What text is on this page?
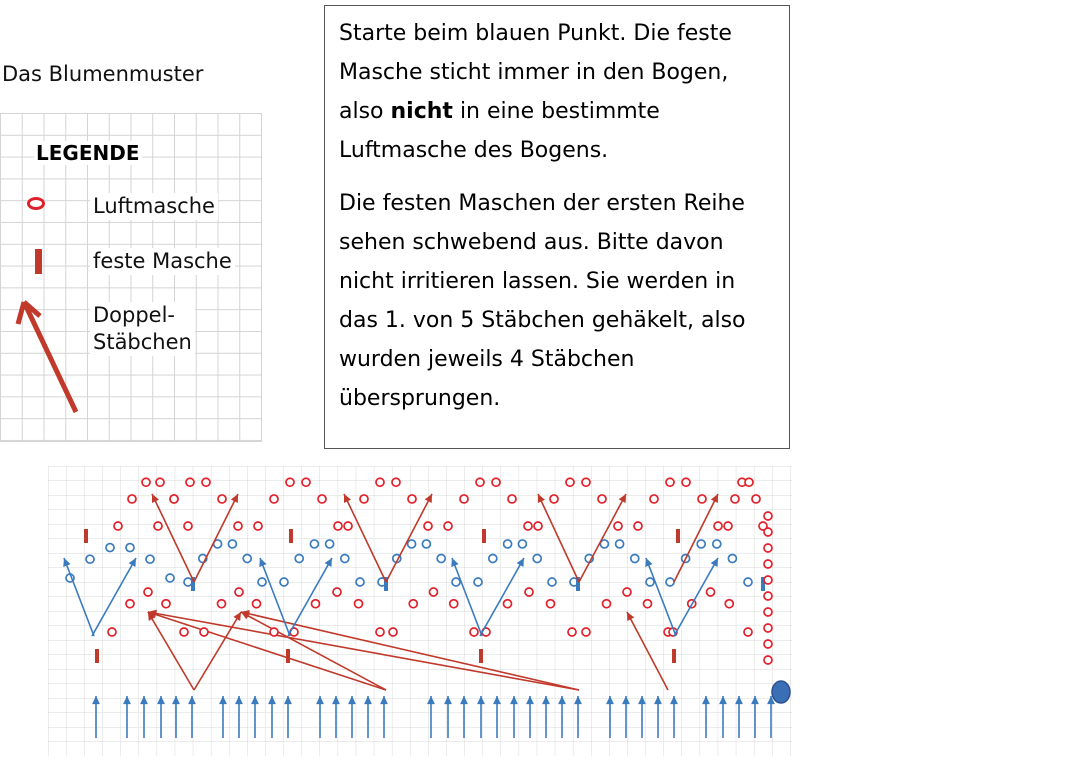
Das Blumenmuster
LEGENDE
Luftmasche
feste Masche
Doppel-
Stäbchen

Starte beim blauen Punkt. Die feste Masche sticht immer in den Bogen, also nicht in eine bestimmte Luftmasche des Bogens.

Die festen Maschen der ersten Reihe sehen schwebend aus. Bitte davon nicht irritieren lassen. Sie werden in das 1. von 5 Stäbchen gehäkelt, also wurden jeweils 4 Stäbchen übersprungen.
